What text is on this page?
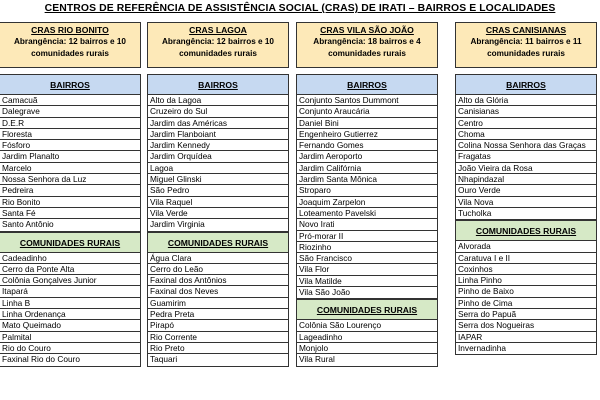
CENTROS DE REFERÊNCIA DE ASSISTÊNCIA SOCIAL (CRAS) DE IRATI – BAIRROS E LOCALIDADES
CRAS RIO BONITO
Abrangência: 12 bairros e 10 comunidades rurais
BAIRROS
Camacuã
Dalegrave
D.E.R
Floresta
Fósforo
Jardim Planalto
Marcelo
Nossa Senhora da Luz
Pedreira
Rio Bonito
Santa Fé
Santo Antônio
COMUNIDADES RURAIS
Cadeadinho
Cerro da Ponte Alta
Colônia Gonçalves Junior
Itapará
Linha B
Linha Ordenança
Mato Queimado
Palmital
Rio do Couro
Faxinal Rio do Couro
CRAS LAGOA
Abrangência: 12 bairros e 10 comunidades rurais
BAIRROS
Alto da Lagoa
Cruzeiro do Sul
Jardim das Américas
Jardim Flanboiant
Jardim Kennedy
Jardim Orquídea
Lagoa
Miguel Glinski
São Pedro
Vila Raquel
Vila Verde
Jardim Virginia
COMUNIDADES RURAIS
Água Clara
Cerro do Leão
Faxinal dos Antônios
Faxinal dos Neves
Guamirim
Pedra Preta
Pirapó
Rio Corrente
Rio Preto
Taquari
CRAS VILA SÃO JOÃO
Abrangência: 18 bairros e 4 comunidades rurais
BAIRROS
Conjunto Santos Dummont
Conjunto Araucária
Daniel Bini
Engenheiro Gutierrez
Fernando Gomes
Jardim Aeroporto
Jardim Califórnia
Jardim Santa Mônica
Stroparo
Joaquim Zarpelon
Loteamento Pavelski
Novo Irati
Pró-morar II
Riozinho
São Francisco
Vila Flor
Vila Matilde
Vila São João
COMUNIDADES RURAIS
Colônia São Lourenço
Lageadinho
Monjolo
Vila Rural
CRAS CANISIANAS
Abrangência: 11 bairros e 11 comunidades rurais
BAIRROS
Alto da Glória
Canisianas
Centro
Choma
Colina Nossa Senhora das Graças
Fragatas
João Vieira da Rosa
Nhapindazal
Ouro Verde
Vila Nova
Tucholka
COMUNIDADES RURAIS
Alvorada
Caratuva I e II
Coxinhos
Linha Pinho
Pinho de Baixo
Pinho de Cima
Serra do Papuã
Serra dos Nogueiras
IAPAR
Invernadinha
